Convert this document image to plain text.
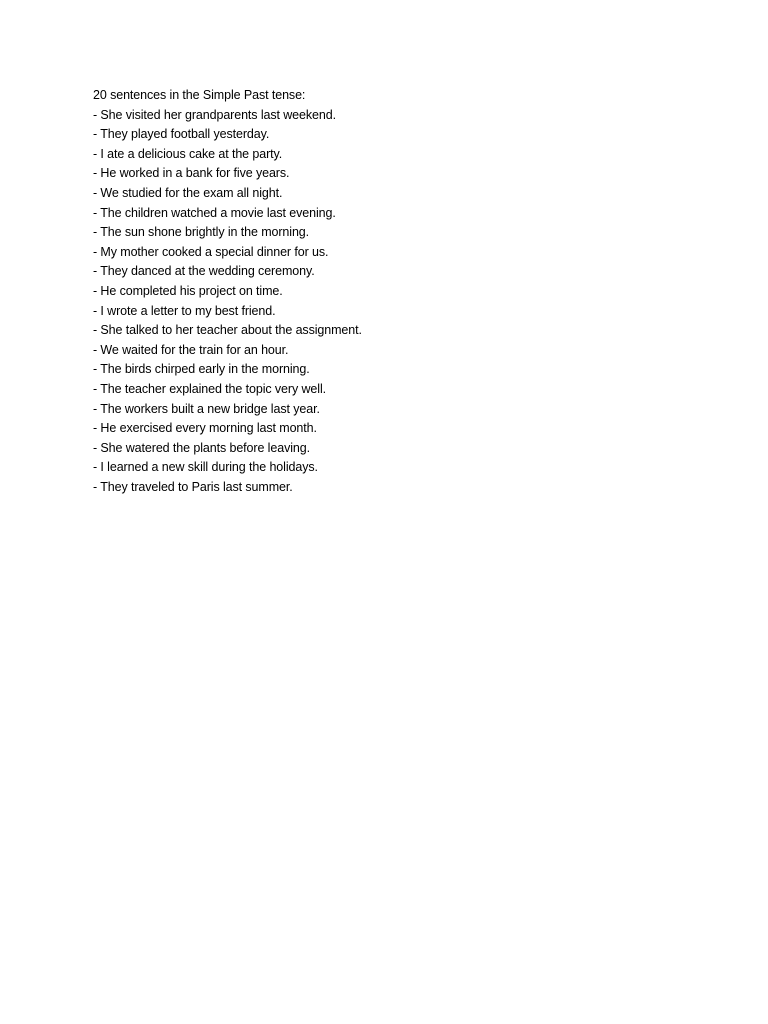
20 sentences in the Simple Past tense:

- She visited her grandparents last weekend.

- They played football yesterday.

- I ate a delicious cake at the party.

- He worked in a bank for five years.

- We studied for the exam all night.

- The children watched a movie last evening.

- The sun shone brightly in the morning.

- My mother cooked a special dinner for us.

- They danced at the wedding ceremony.

- He completed his project on time.

- I wrote a letter to my best friend.

- She talked to her teacher about the assignment.

- We waited for the train for an hour.

- The birds chirped early in the morning.

- The teacher explained the topic very well.

- The workers built a new bridge last year.

- He exercised every morning last month.

- She watered the plants before leaving.

- I learned a new skill during the holidays.

- They traveled to Paris last summer.
